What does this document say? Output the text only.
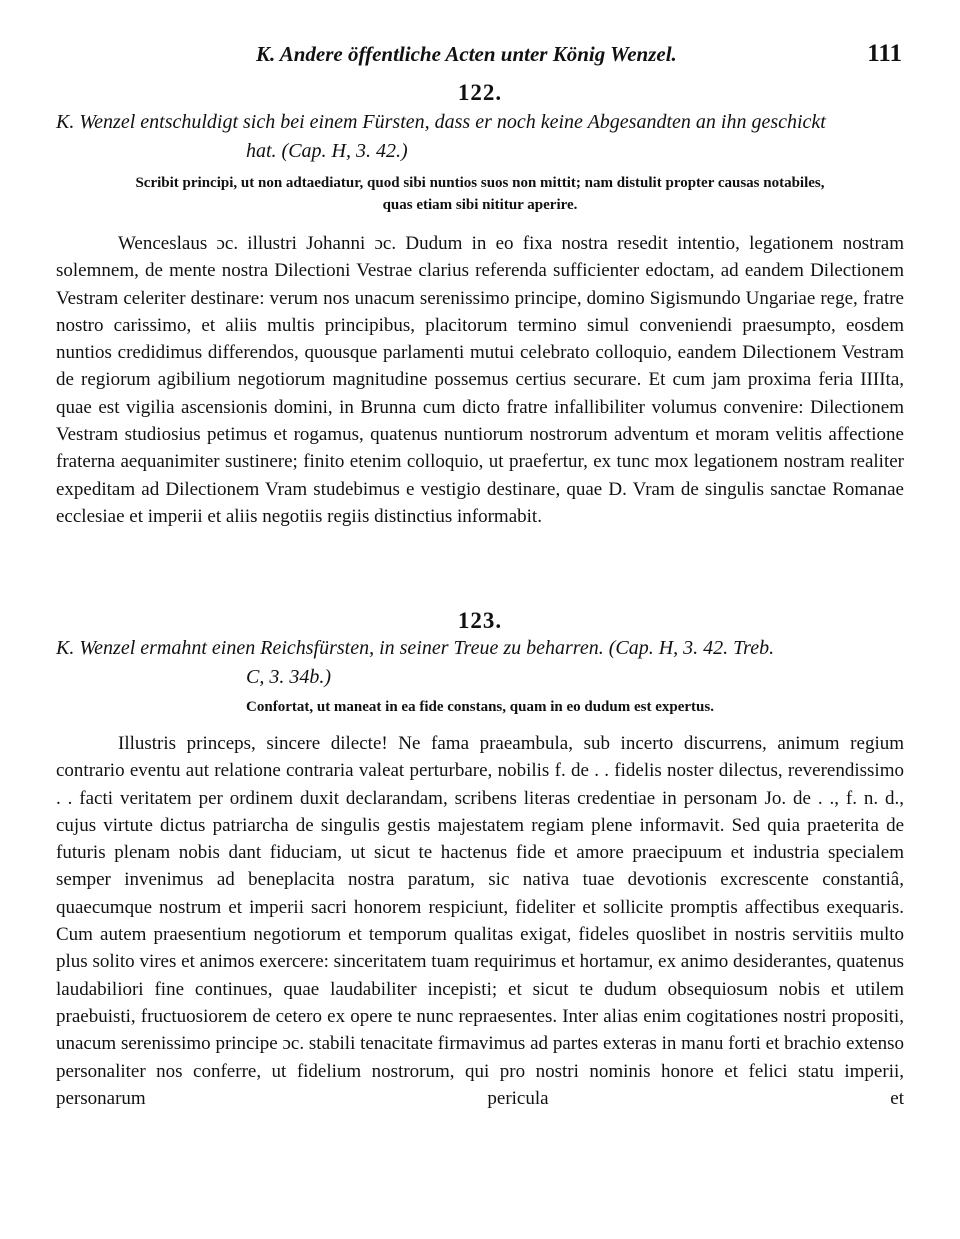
K. Andere öffentliche Acten unter König Wenzel.	111
122.
K. Wenzel entschuldigt sich bei einem Fürsten, dass er noch keine Abgesandten an ihn geschickt
hat. (Cap. H, 3. 42.)
Scribit principi, ut non adtaediatur, quod sibi nuntios suos non mittit; nam distulit propter causas notabiles,
quas etiam sibi nititur aperire.

Wenceslaus ɔc. illustri Johanni ɔc. Dudum in eo fixa nostra resedit intentio, legationem nostram solemnem, de mente nostra Dilectioni Vestrae clarius referenda sufficienter edoctam, ad eandem Dilectionem Vestram celeriter destinare: verum nos unacum serenissimo principe, domino Sigismundo Ungariae rege, fratre nostro carissimo, et aliis multis principibus, placitorum termino simul conveniendi praesumpto, eosdem nuntios credidimus differendos, quousque parlamenti mutui celebrato colloquio, eandem Dilectionem Vestram de regiorum agibilium negotiorum magnitudine possemus certius securare. Et cum jam proxima feria IIIIta, quae est vigilia ascensionis domini, in Brunna cum dicto fratre infallibiliter volumus convenire: Dilectionem Vestram studiosius petimus et rogamus, quatenus nuntiorum nostrorum adventum et moram velitis affectione fraterna aequanimiter sustinere; finito etenim colloquio, ut praefertur, ex tunc mox legationem nostram realiter expeditam ad Dilectionem Vram studebimus e vestigio destinare, quae D. Vram de singulis sanctae Romanae ecclesiae et imperii et aliis negotiis regiis distinctius informabit.

123.
K. Wenzel ermahnt einen Reichsfürsten, in seiner Treue zu beharren. (Cap. H, 3. 42. Treb.
C, 3. 34b.)
Confortat, ut maneat in ea fide constans, quam in eo dudum est expertus.

Illustris princeps, sincere dilecte! Ne fama praeambula, sub incerto discurrens, animum regium contrario eventu aut relatione contraria valeat perturbare, nobilis f. de . . fidelis noster dilectus, reverendissimo . . facti veritatem per ordinem duxit declarandam, scribens literas credentiae in personam Jo. de . ., f. n. d., cujus virtute dictus patriarcha de singulis gestis majestatem regiam plene informavit. Sed quia praeterita de futuris plenam nobis dant fiduciam, ut sicut te hactenus fide et amore praecipuum et industria specialem semper invenimus ad beneplacita nostra paratum, sic nativa tuae devotionis excrescente constantiâ, quaecumque nostrum et imperii sacri honorem respiciunt, fideliter et sollicite promptis affectibus exequaris. Cum autem praesentium negotiorum et temporum qualitas exigat, fideles quoslibet in nostris servitiis multo plus solito vires et animos exercere: sinceritatem tuam requirimus et hortamur, ex animo desiderantes, quatenus laudabiliori fine continues, quae laudabiliter incepisti; et sicut te dudum obsequiosum nobis et utilem praebuisti, fructuosiorem de cetero ex opere te nunc repraesentes. Inter alias enim cogitationes nostri propositi, unacum serenissimo principe ɔc. stabili tenacitate firmavimus ad partes exteras in manu forti et brachio extenso personaliter nos conferre, ut fidelium nostrorum, qui pro nostri nominis honore et felici statu imperii, personarum pericula et
